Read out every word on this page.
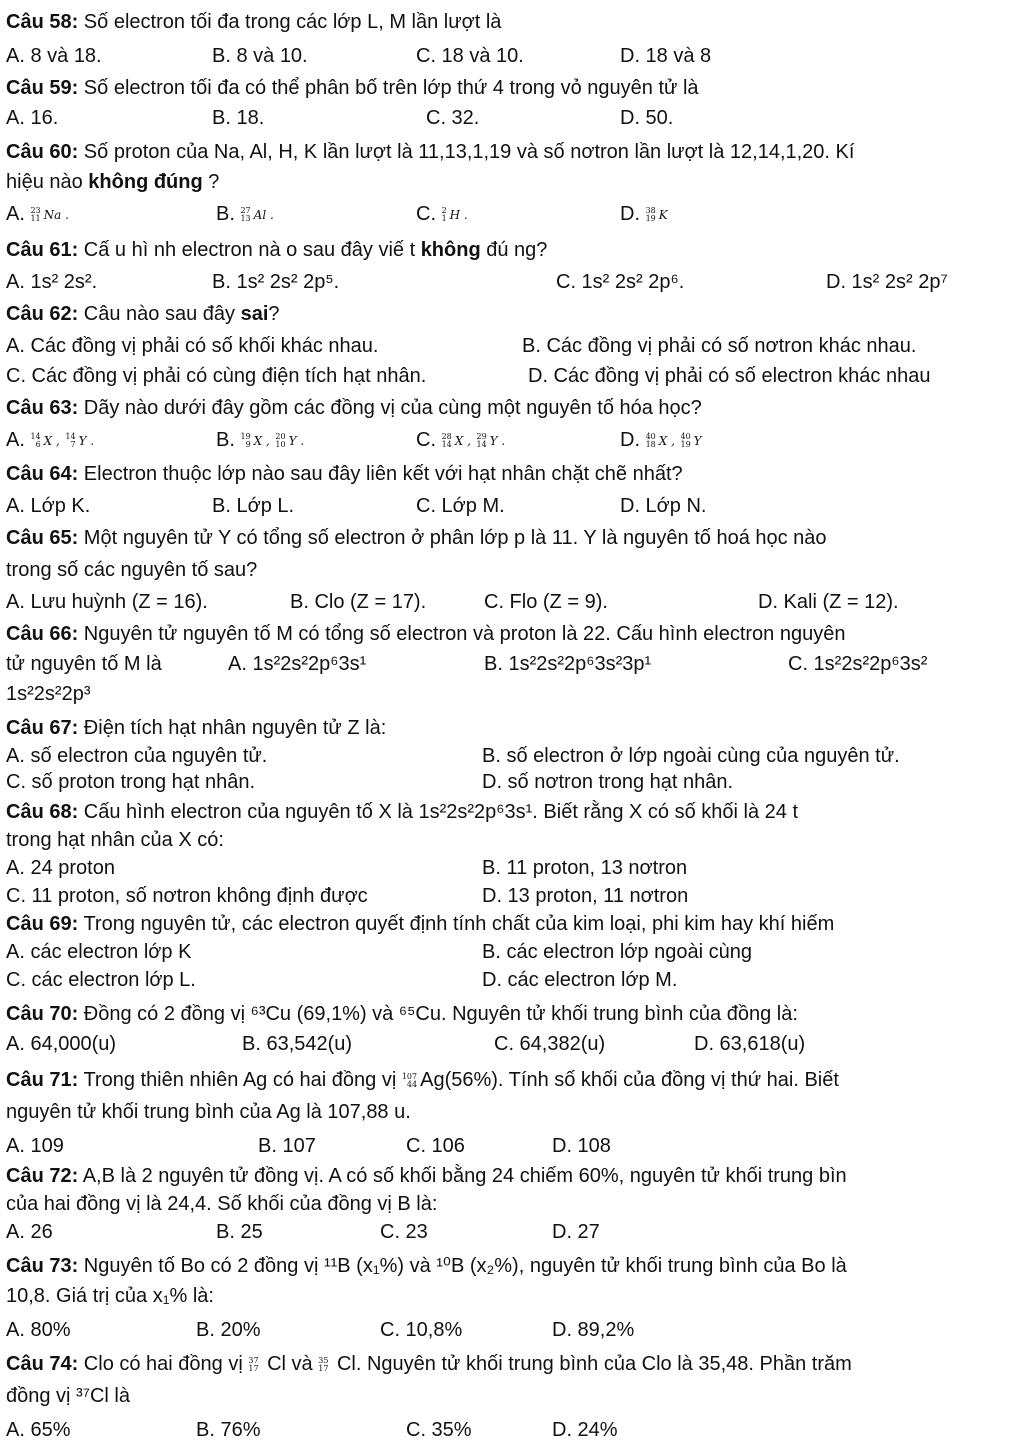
Câu 58: Số electron tối đa trong các lớp L, M lần lượt là
A. 8 và 18.	B. 8 và 10.	C. 18 và 10.	D. 18 và 8
Câu 59: Số electron tối đa có thể phân bố trên lớp thứ 4 trong vỏ nguyên tử là
A. 16.	B. 18.	C. 32.	D. 50.
Câu 60: Số proton của Na, Al, H, K lần lượt là 11,13,1,19 và số nơtron lần lượt là 12,14,1,20. Kí
hiệu nào không đúng ?
A. 23
11 Na .	B. 27
13 Al .	C. 2
1 H .	D. 38
19 K
Câu 61: Cấ u hì nh electron nà o sau đây viế t không đú ng?
A. 1s² 2s².	B. 1s² 2s² 2p⁵.	C. 1s² 2s² 2p⁶.	D. 1s² 2s² 2p⁷
Câu 62: Câu nào sau đây sai?
A. Các đồng vị phải có số khối khác nhau.	B. Các đồng vị phải có số nơtron khác nhau.
C. Các đồng vị phải có cùng điện tích hạt nhân.	D. Các đồng vị phải có số electron khác nhau
Câu 63: Dãy nào dưới đây gồm các đồng vị của cùng một nguyên tố hóa học?
A. 14
6 X , 14
7 Y .	B. 19
9 X , 20
10 Y .	C. 28
14 X , 29
14 Y .	D. 40
18 X , 40
19 Y
Câu 64: Electron thuộc lớp nào sau đây liên kết với hạt nhân chặt chẽ nhất?
A. Lớp K.	B. Lớp L.	C. Lớp M.	D. Lớp N.
Câu 65: Một nguyên tử Y có tổng số electron ở phân lớp p là 11. Y là nguyên tố hoá học nào
trong số các nguyên tố sau?
A. Lưu huỳnh (Z = 16).	B. Clo (Z = 17).	C. Flo (Z = 9).	D. Kali (Z = 12).
Câu 66: Nguyên tử nguyên tố M có tổng số electron và proton là 22. Cấu hình electron nguyên
tử nguyên tố M là	A. 1s²2s²2p⁶3s¹	B. 1s²2s²2p⁶3s²3p¹	C. 1s²2s²2p⁶3s²
1s²2s²2p³
Câu 67: Điện tích hạt nhân nguyên tử Z là:
A. số electron của nguyên tử.	B. số electron ở lớp ngoài cùng của nguyên tử.
C. số proton trong hạt nhân.	D. số nơtron trong hạt nhân.
Câu 68: Cấu hình electron của nguyên tố X là 1s²2s²2p⁶3s¹. Biết rằng X có số khối là 24 t
trong hạt nhân của X có:
A. 24 proton	B. 11 proton, 13 nơtron
C. 11 proton, số nơtron không định được	D. 13 proton, 11 nơtron
Câu 69: Trong nguyên tử, các electron quyết định tính chất của kim loại, phi kim hay khí hiếm
A. các electron lớp K	B. các electron lớp ngoài cùng
C. các electron lớp L.	D. các electron lớp M.
Câu 70: Đồng có 2 đồng vị ⁶³Cu (69,1%) và ⁶⁵Cu. Nguyên tử khối trung bình của đồng là:
A. 64,000(u)	B. 63,542(u)	C. 64,382(u)	D. 63,618(u)
Câu 71: Trong thiên nhiên Ag có hai đồng vị 107
44 Ag(56%). Tính số khối của đồng vị thứ hai. Biết
nguyên tử khối trung bình của Ag là 107,88 u.
A. 109	B. 107	C. 106	D. 108
Câu 72: A,B là 2 nguyên tử đồng vị. A có số khối bằng 24 chiếm 60%, nguyên tử khối trung bìn
của hai đồng vị là 24,4. Số khối của đồng vị B là:
A. 26	B. 25	C. 23	D. 27
Câu 73: Nguyên tố Bo có 2 đồng vị ¹¹B (x₁%) và ¹⁰B (x₂%), nguyên tử khối trung bình của Bo là
10,8. Giá trị của x₁% là:
A. 80%	B. 20%	C. 10,8%	D. 89,2%
Câu 74: Clo có hai đồng vị 37
17 Cl và 35
17 Cl. Nguyên tử khối trung bình của Clo là 35,48. Phần trăm
đồng vị ³⁷Cl là
A. 65%	B. 76%	C. 35%	D. 24%
